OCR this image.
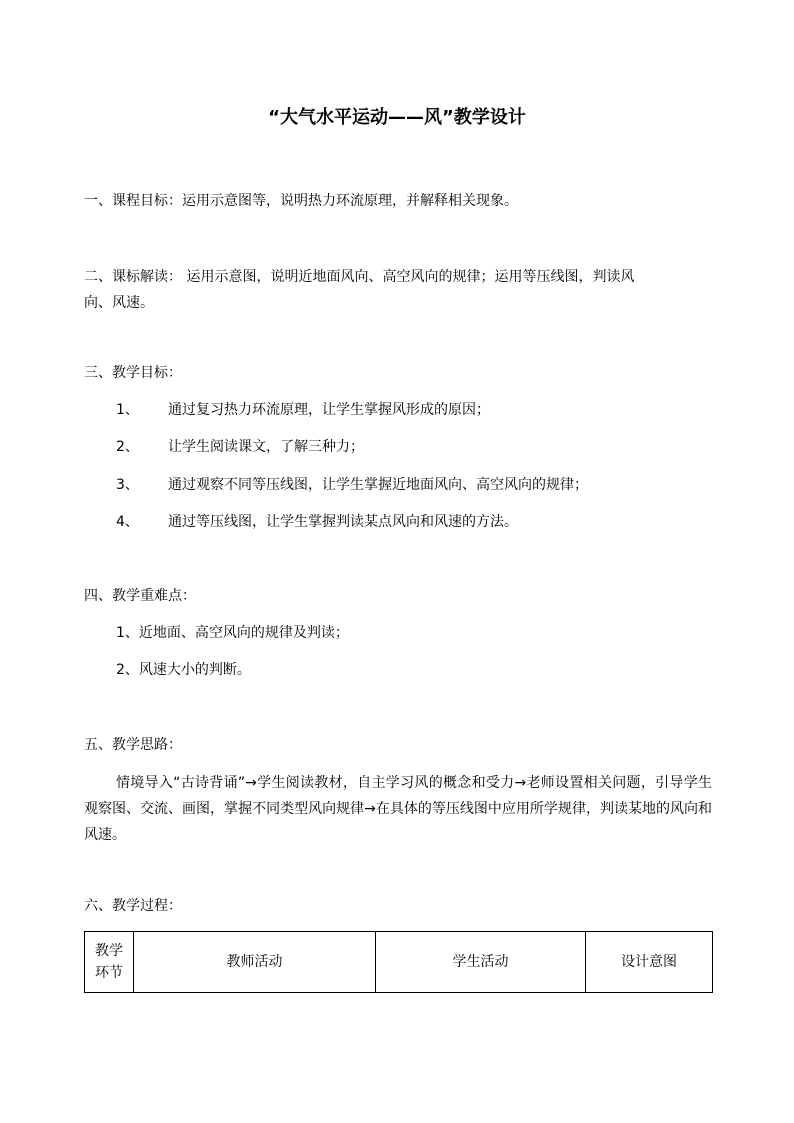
“大气水平运动——风”教学设计
一、课程目标：运用示意图等，说明热力环流原理，并解释相关现象。
二、课标解读： 运用示意图，说明近地面风向、高空风向的规律；运用等压线图，判读风
向、风速。
三、教学目标：
1、 通过复习热力环流原理，让学生掌握风形成的原因；
2、 让学生阅读课文，了解三种力；
3、 通过观察不同等压线图，让学生掌握近地面风向、高空风向的规律；
4、 通过等压线图，让学生掌握判读某点风向和风速的方法。
四、教学重难点：
1、近地面、高空风向的规律及判读；
2、风速大小的判断。
五、教学思路：
情境导入“古诗背诵”→学生阅读教材，自主学习风的概念和受力→老师设置相关问题，引导学生观察图、交流、画图，掌握不同类型风向规律→在具体的等压线图中应用所学规律，判读某地的风向和风速。
六、教学过程：
教学
环节
	教师活动	学生活动	设计意图
